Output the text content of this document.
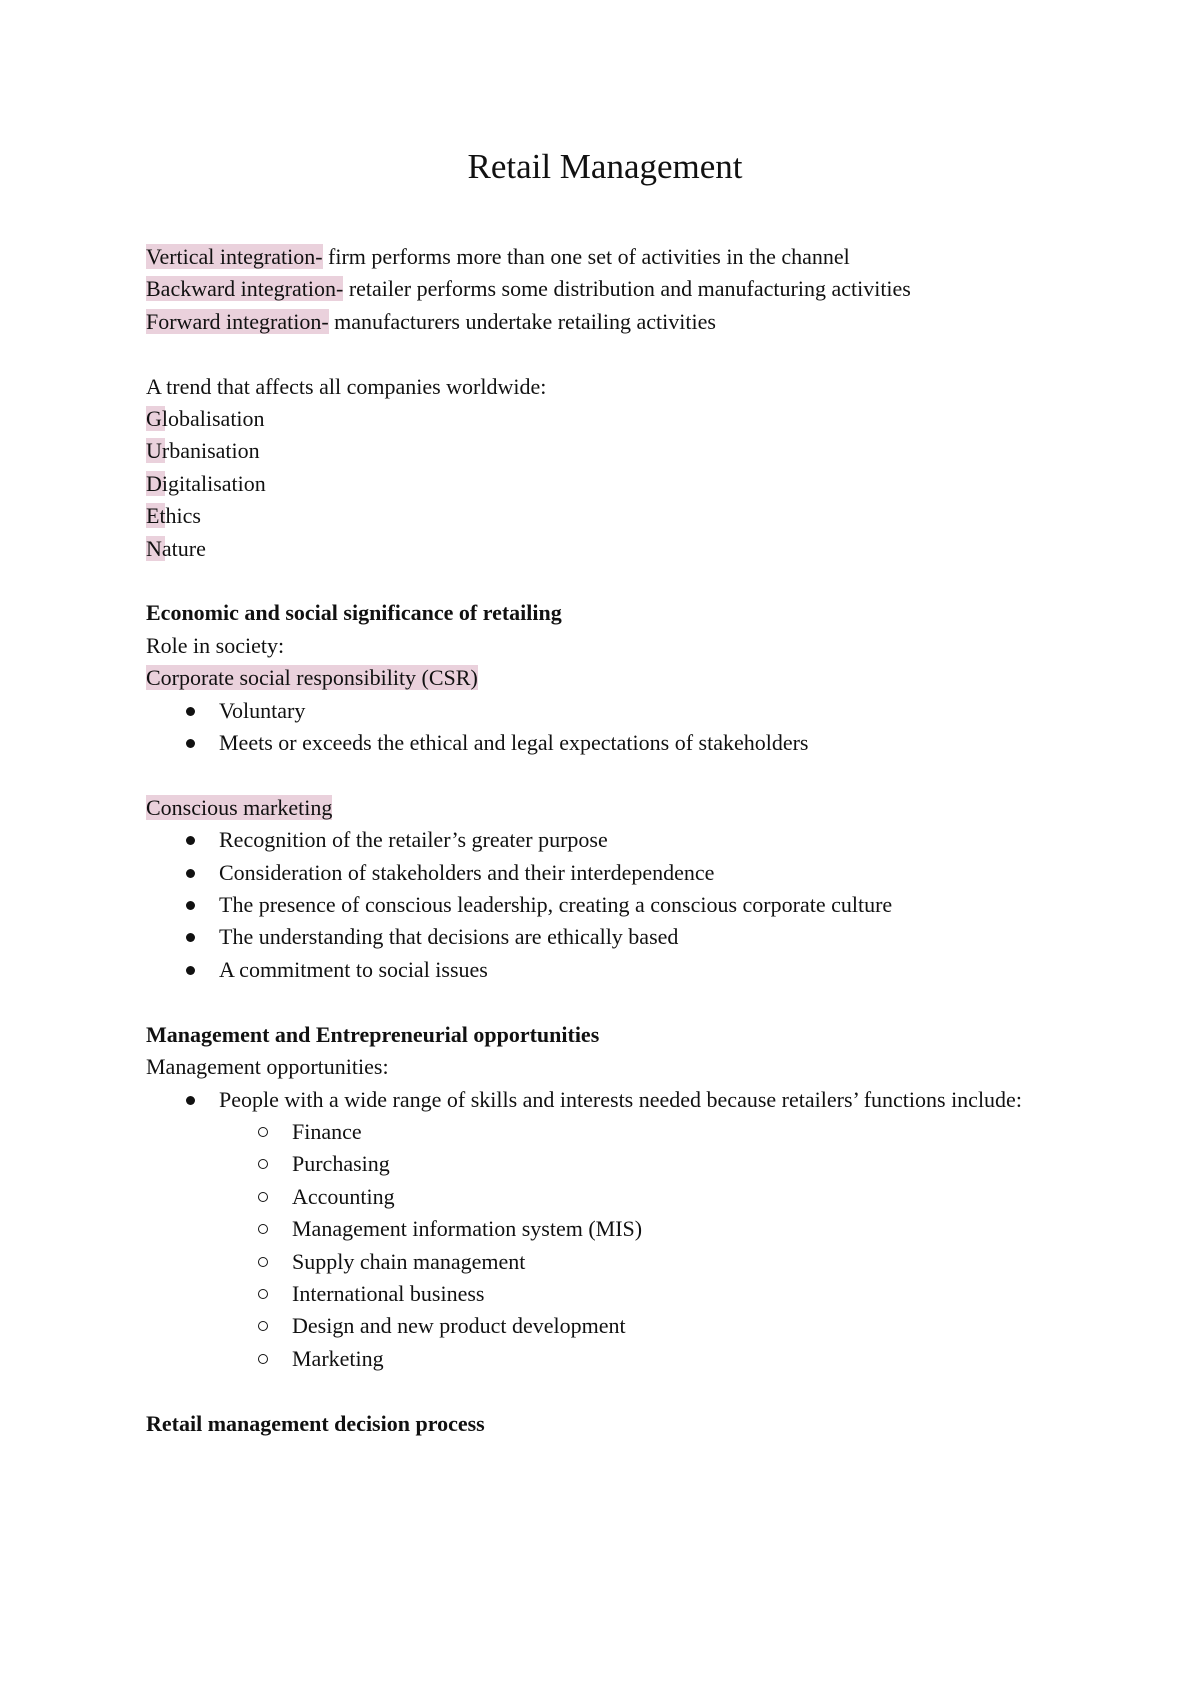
Retail Management

Vertical integration- firm performs more than one set of activities in the channel

Backward integration- retailer performs some distribution and manufacturing activities

Forward integration- manufacturers undertake retailing activities

A trend that affects all companies worldwide:

Globalisation

Urbanisation

Digitalisation

Ethics

Nature

Economic and social significance of retailing

Role in society:

Corporate social responsibility (CSR)

Voluntary
Meets or exceeds the ethical and legal expectations of stakeholders

Conscious marketing

Recognition of the retailer’s greater purpose
Consideration of stakeholders and their interdependence
The presence of conscious leadership, creating a conscious corporate culture
The understanding that decisions are ethically based
A commitment to social issues

Management and Entrepreneurial opportunities

Management opportunities:

People with a wide range of skills and interests needed because retailers’ functions include:
Finance
Purchasing
Accounting
Management information system (MIS)
Supply chain management
International business
Design and new product development
Marketing

Retail management decision process
